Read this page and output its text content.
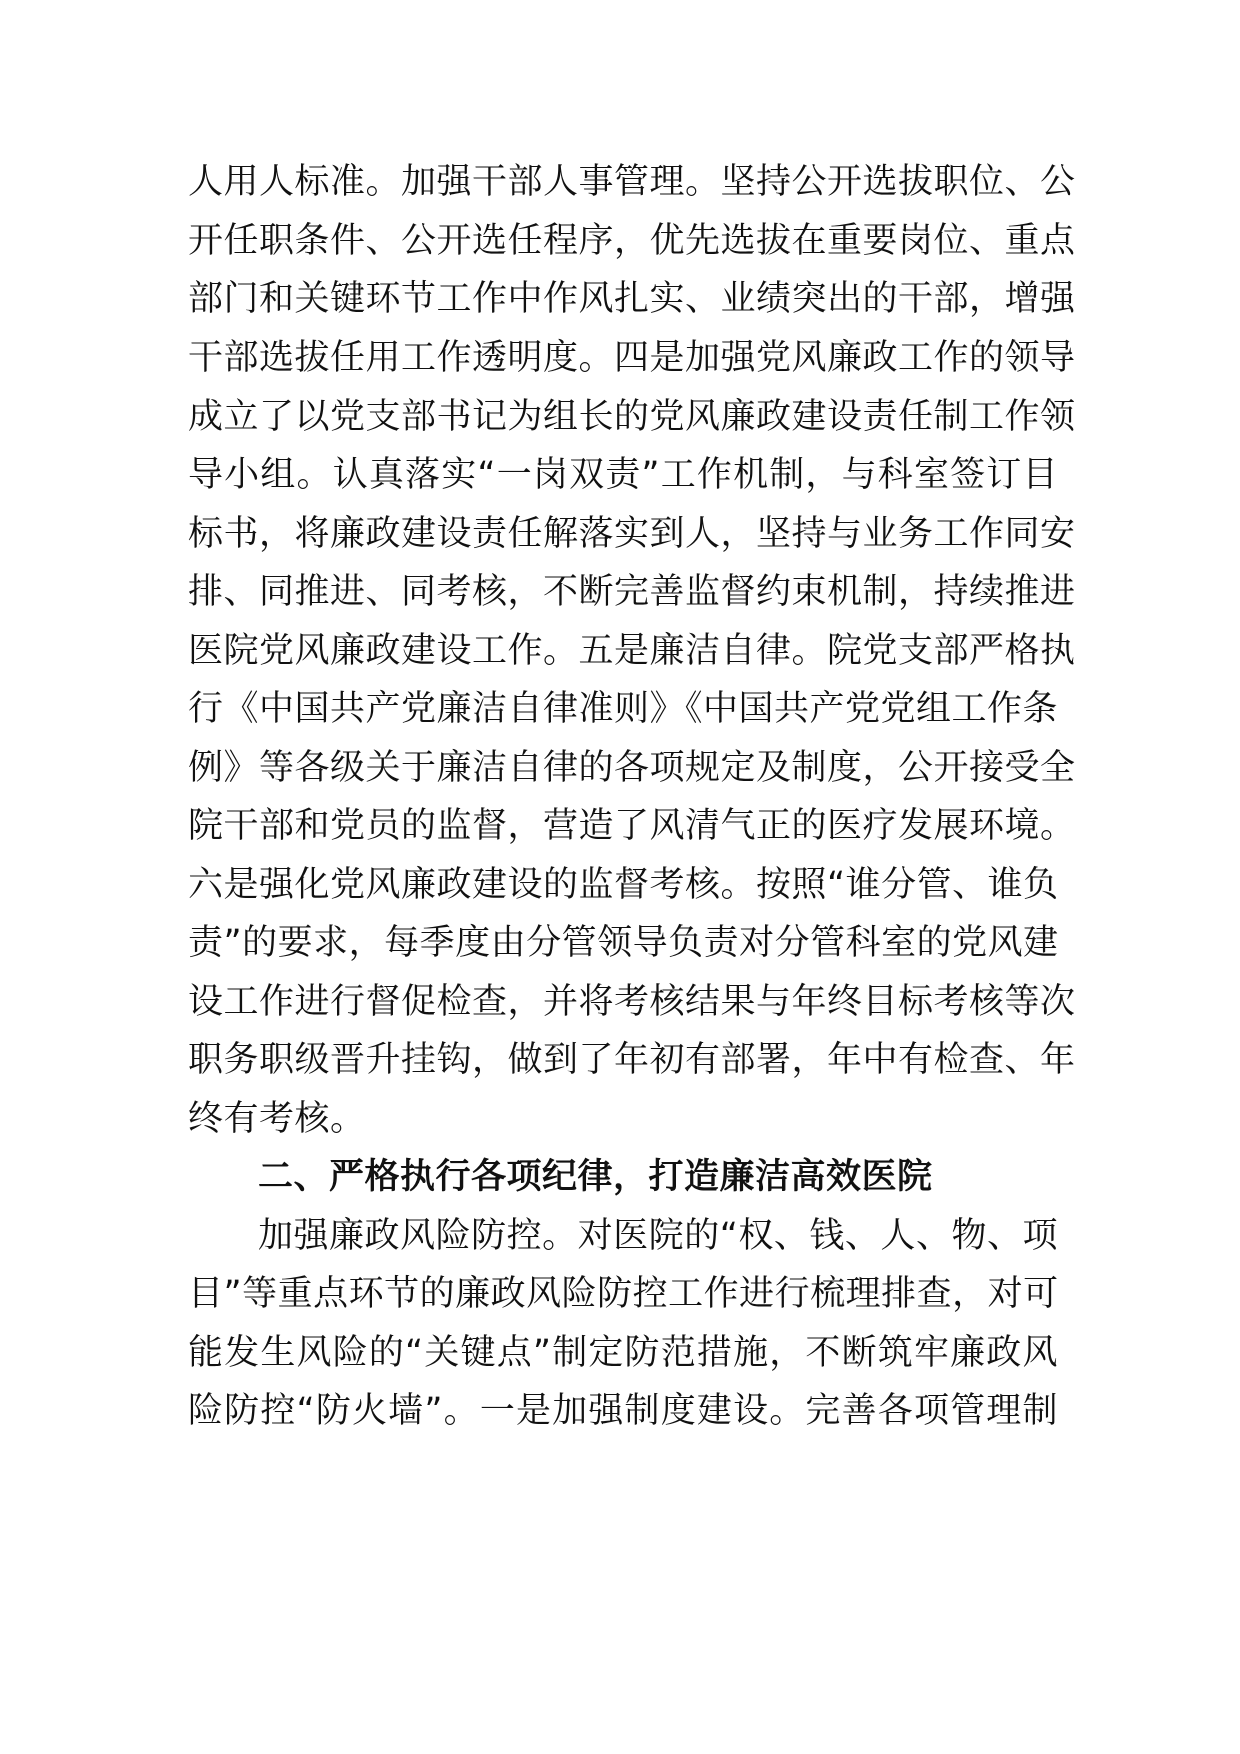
人用人标准。加强干部人事管理。坚持公开选拔职位、公
开任职条件、公开选任程序，优先选拔在重要岗位、重点
部门和关键环节工作中作风扎实、业绩突出的干部，增强
干部选拔任用工作透明度。四是加强党风廉政工作的领导
成立了以党支部书记为组长的党风廉政建设责任制工作领
导小组。认真落实“一岗双责”工作机制，与科室签订目
标书，将廉政建设责任解落实到人，坚持与业务工作同安
排、同推进、同考核，不断完善监督约束机制，持续推进
医院党风廉政建设工作。五是廉洁自律。院党支部严格执
行《中国共产党廉洁自律准则》《中国共产党党组工作条
例》等各级关于廉洁自律的各项规定及制度，公开接受全
院干部和党员的监督，营造了风清气正的医疗发展环境。
六是强化党风廉政建设的监督考核。按照“谁分管、谁负
责”的要求，每季度由分管领导负责对分管科室的党风建
设工作进行督促检查，并将考核结果与年终目标考核等次
职务职级晋升挂钩，做到了年初有部署，年中有检查、年
终有考核。
二、严格执行各项纪律，打造廉洁高效医院
加强廉政风险防控。对医院的“权、钱、人、物、项
目”等重点环节的廉政风险防控工作进行梳理排查，对可
能发生风险的“关键点”制定防范措施，不断筑牢廉政风
险防控“防火墙”。一是加强制度建设。完善各项管理制
